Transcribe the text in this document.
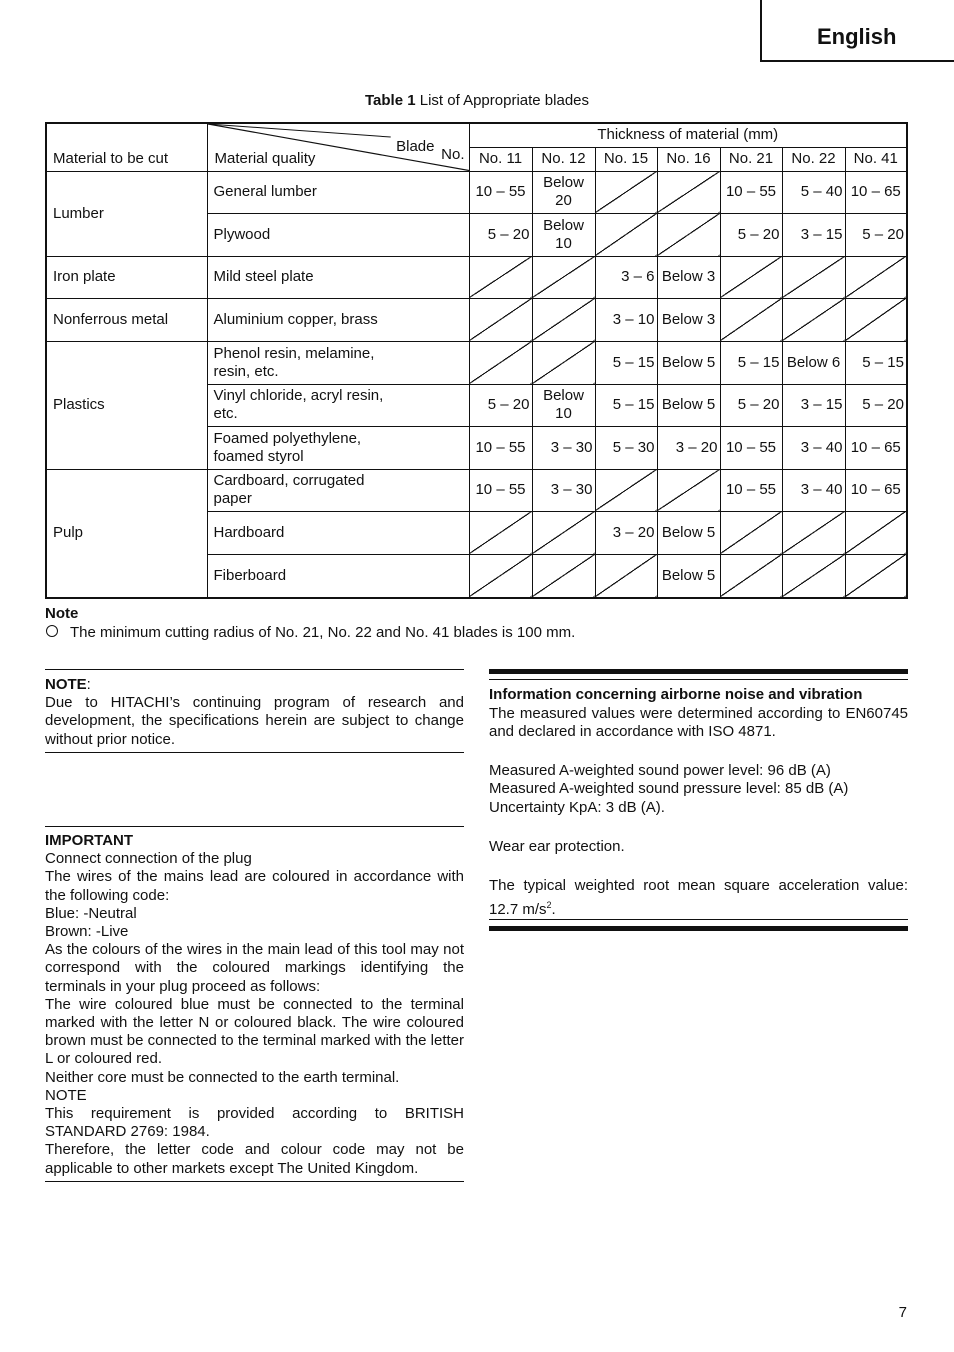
English
Table 1 List of Appropriate blades
Material to be cut	Blade No.
Material quality	Thickness of material (mm)						
		No. 11	No. 12	No. 15	No. 16	No. 21	No. 22	No. 41
Lumber	General lumber	10 – 55	Below 20			10 – 55	5 – 40	10 – 65
	Plywood	5 – 20	Below 10			5 – 20	3 – 15	5 – 20
Iron plate	Mild steel plate			3 – 6	Below 3			
Nonferrous metal	Aluminium copper, brass			3 – 10	Below 3			
Plastics	Phenol resin, melamine, resin, etc.			5 – 15	Below 5	5 – 15	Below 6	5 – 15
	Vinyl chloride, acryl resin, etc.	5 – 20	Below 10	5 – 15	Below 5	5 – 20	3 – 15	5 – 20
	Foamed polyethylene, foamed styrol	10 – 55	3 – 30	5 – 30	3 – 20	10 – 55	3 – 40	10 – 65
Pulp	Cardboard, corrugated paper	10 – 55	3 – 30			10 – 55	3 – 40	10 – 65
	Hardboard			3 – 20	Below 5			
	Fiberboard				Below 5			
Note
The minimum cutting radius of No. 21, No. 22 and No. 41 blades is 100 mm.

NOTE:

Due to HITACHI’s continuing program of research and development, the specifications herein are subject to change without prior notice.

IMPORTANT

Connect connection of the plug

The wires of the mains lead are coloured in accordance with the following code:

Blue: -Neutral

Brown: -Live

As the colours of the wires in the main lead of this tool may not correspond with the coloured markings identifying the terminals in your plug proceed as follows:

The wire coloured blue must be connected to the terminal marked with the letter N or coloured black. The wire coloured brown must be connected to the terminal marked with the letter L or coloured red.

Neither core must be connected to the earth terminal.

NOTE

This requirement is provided according to BRITISH STANDARD 2769: 1984.

Therefore, the letter code and colour code may not be applicable to other markets except The United Kingdom.

Information concerning airborne noise and vibration

The measured values were determined according to EN60745 and declared in accordance with ISO 4871.

Measured A-weighted sound power level: 96 dB (A)

Measured A-weighted sound pressure level: 85 dB (A)

Uncertainty KpA: 3 dB (A).

Wear ear protection.

The typical weighted root mean square acceleration value: 12.7 $m/s^2$.

7
